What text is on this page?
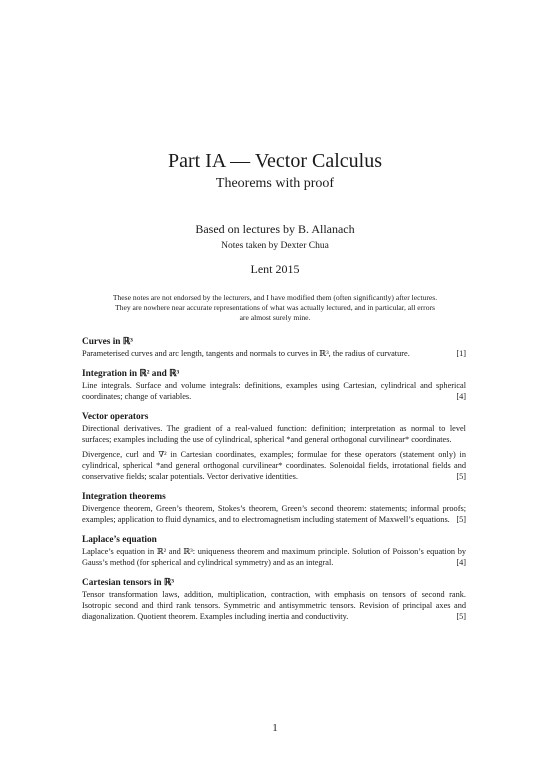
Part IA — Vector Calculus
Theorems with proof
Based on lectures by B. Allanach
Notes taken by Dexter Chua
Lent 2015
These notes are not endorsed by the lecturers, and I have modified them (often significantly) after lectures. They are nowhere near accurate representations of what was actually lectured, and in particular, all errors are almost surely mine.
Curves in ℝ³
Parameterised curves and arc length, tangents and normals to curves in ℝ³, the radius of curvature.	[1]
Integration in ℝ² and ℝ³
Line integrals. Surface and volume integrals: definitions, examples using Cartesian, cylindrical and spherical coordinates; change of variables.	[4]
Vector operators
Directional derivatives. The gradient of a real-valued function: definition; interpretation as normal to level surfaces; examples including the use of cylindrical, spherical *and general orthogonal curvilinear* coordinates.
Divergence, curl and ∇² in Cartesian coordinates, examples; formulae for these operators (statement only) in cylindrical, spherical *and general orthogonal curvilinear* coordinates. Solenoidal fields, irrotational fields and conservative fields; scalar potentials. Vector derivative identities.	[5]
Integration theorems
Divergence theorem, Green’s theorem, Stokes’s theorem, Green’s second theorem: statements; informal proofs; examples; application to fluid dynamics, and to electromagnetism including statement of Maxwell’s equations. [5]
Laplace’s equation
Laplace’s equation in ℝ² and ℝ³: uniqueness theorem and maximum principle. Solution of Poisson’s equation by Gauss’s method (for spherical and cylindrical symmetry) and as an integral.	[4]
Cartesian tensors in ℝ³
Tensor transformation laws, addition, multiplication, contraction, with emphasis on tensors of second rank. Isotropic second and third rank tensors. Symmetric and antisymmetric tensors. Revision of principal axes and diagonalization. Quotient theorem. Examples including inertia and conductivity.	[5]
1
